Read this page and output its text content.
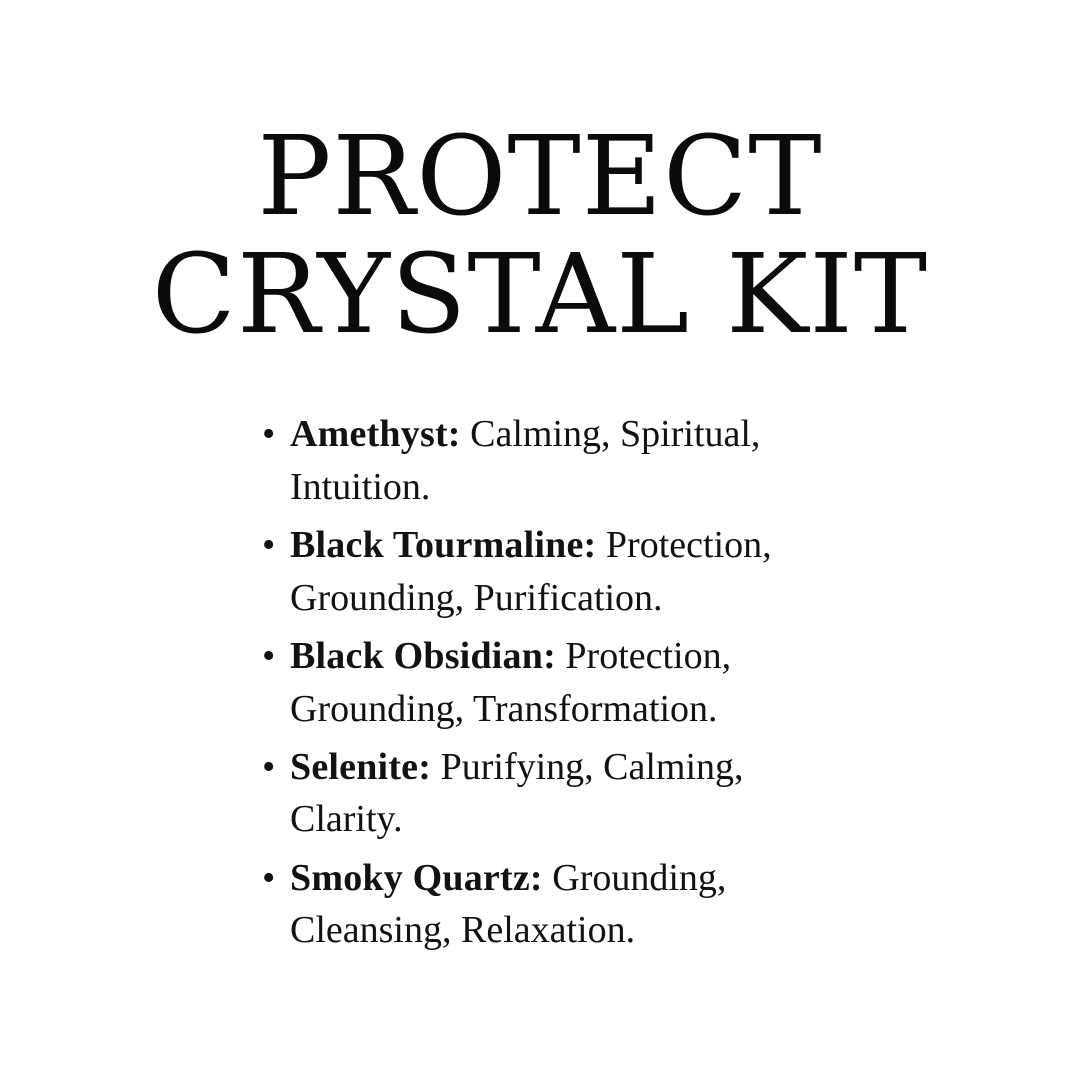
PROTECT
CRYSTAL KIT
• Amethyst: Calming, Spiritual, Intuition.
• Black Tourmaline: Protection, Grounding, Purification.
• Black Obsidian: Protection, Grounding, Transformation.
• Selenite: Purifying, Calming, Clarity.
• Smoky Quartz: Grounding, Cleansing, Relaxation.
